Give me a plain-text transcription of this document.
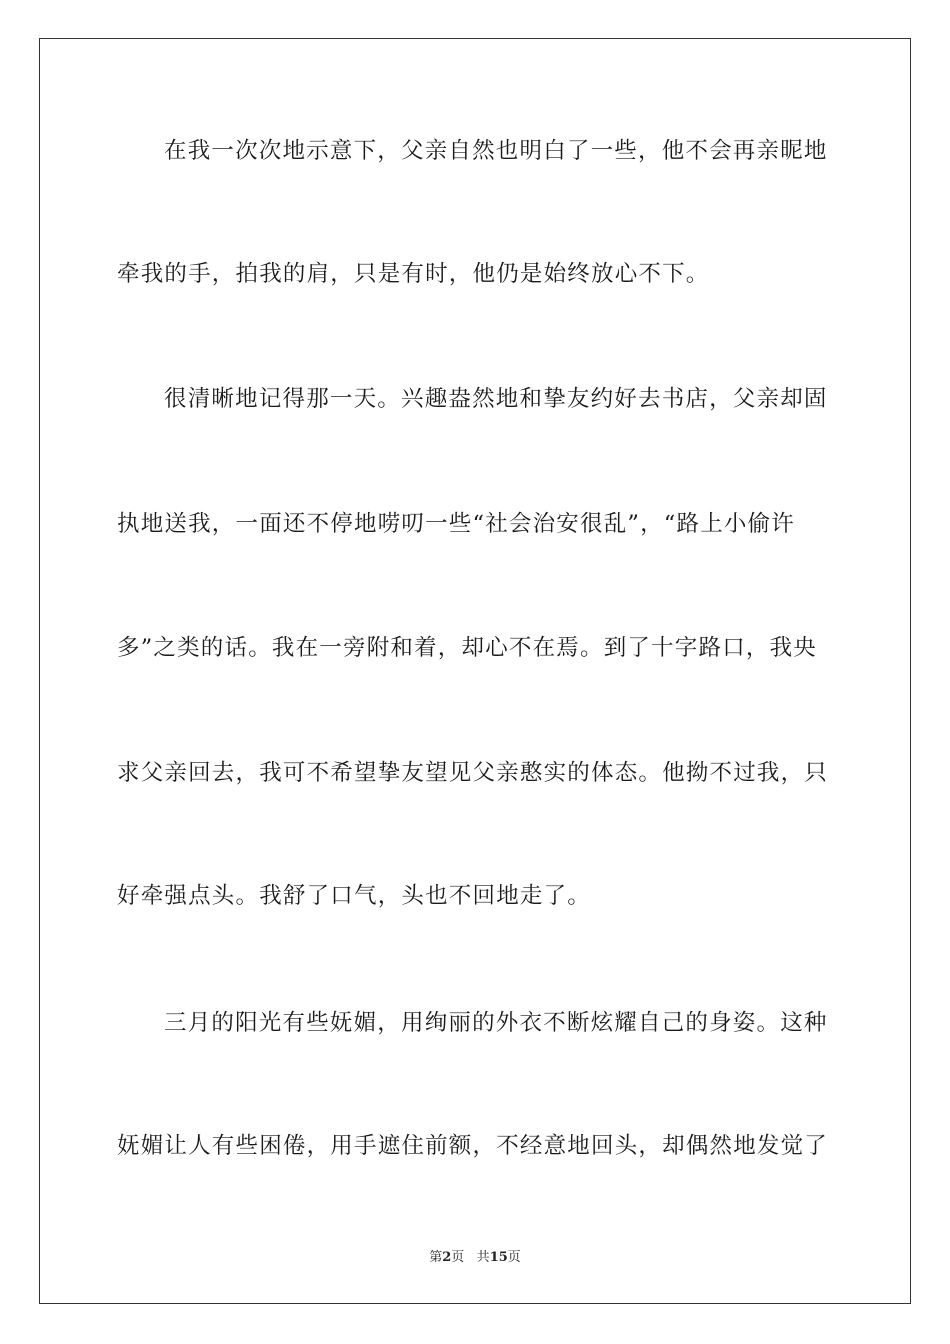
在我一次次地示意下，父亲自然也明白了一些，他不会再亲昵地
牵我的手，拍我的肩，只是有时，他仍是始终放心不下。
很清晰地记得那一天。兴趣盎然地和挚友约好去书店，父亲却固
执地送我，一面还不停地唠叨一些“社会治安很乱”，“路上小偷许
多”之类的话。我在一旁附和着，却心不在焉。到了十字路口，我央
求父亲回去，我可不希望挚友望见父亲憨实的体态。他拗不过我，只
好牵强点头。我舒了口气，头也不回地走了。
三月的阳光有些妩媚，用绚丽的外衣不断炫耀自己的身姿。这种
妩媚让人有些困倦，用手遮住前额，不经意地回头，却偶然地发觉了
第2页 共15页
